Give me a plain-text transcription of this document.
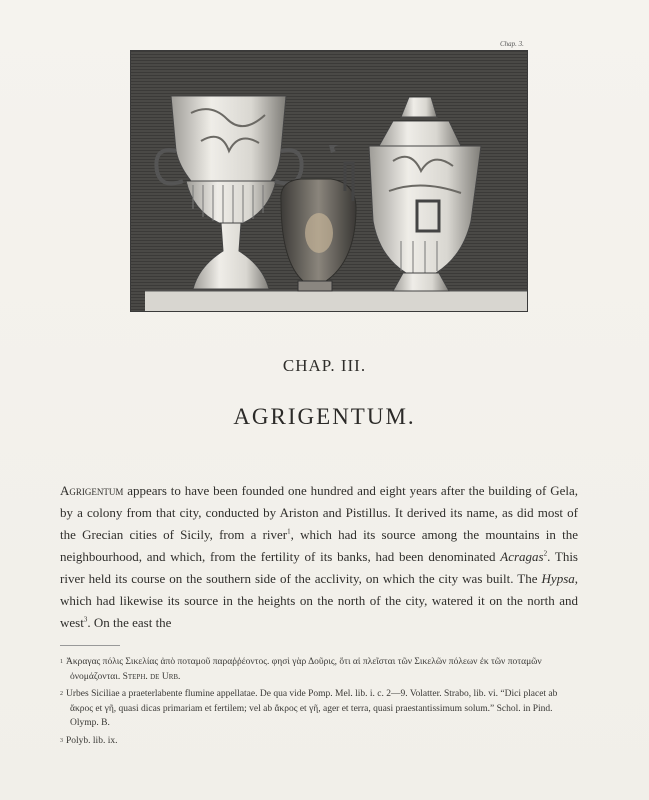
Chap. 3.
CHAP. III.
AGRIGENTUM.
Agrigentum appears to have been founded one hundred and eight years after the building of Gela, by a colony from that city, conducted by Ariston and Pistillus. It derived its name, as did most of the Grecian cities of Sicily, from a river$^1$, which had its source among the mountains in the neighbourhood, and which, from the fertility of its banks, had been denominated Acragas$^2$. This river held its course on the southern side of the acclivity, on which the city was built. The Hypsa, which had likewise its source in the heights on the north of the city, watered it on the north and west$^3$. On the east the

$^1$ Ἀκραγας πόλις Σικελίας ἀπὸ ποταμοῦ παραῤῥέοντος. φησὶ γὰρ Δοῦρις, ὅτι αἱ πλεῖσται τῶν Σικελῶν πόλεων ἐκ τῶν ποταμῶν ὀνομάζονται. Steph. de Urb.

$^2$ Urbes Siciliae a praeterlabente flumine appellatae. De qua vide Pomp. Mel. lib. i. c. 2—9. Volatter. Strabo, lib. vi. “Dici placet ab ἄκρος et γῆ, quasi dicas primariam et fertilem; vel ab ἄκρος et γῆ, ager et terra, quasi praestantissimum solum.” Schol. in Pind. Olymp. B.

$^3$ Polyb. lib. ix.
